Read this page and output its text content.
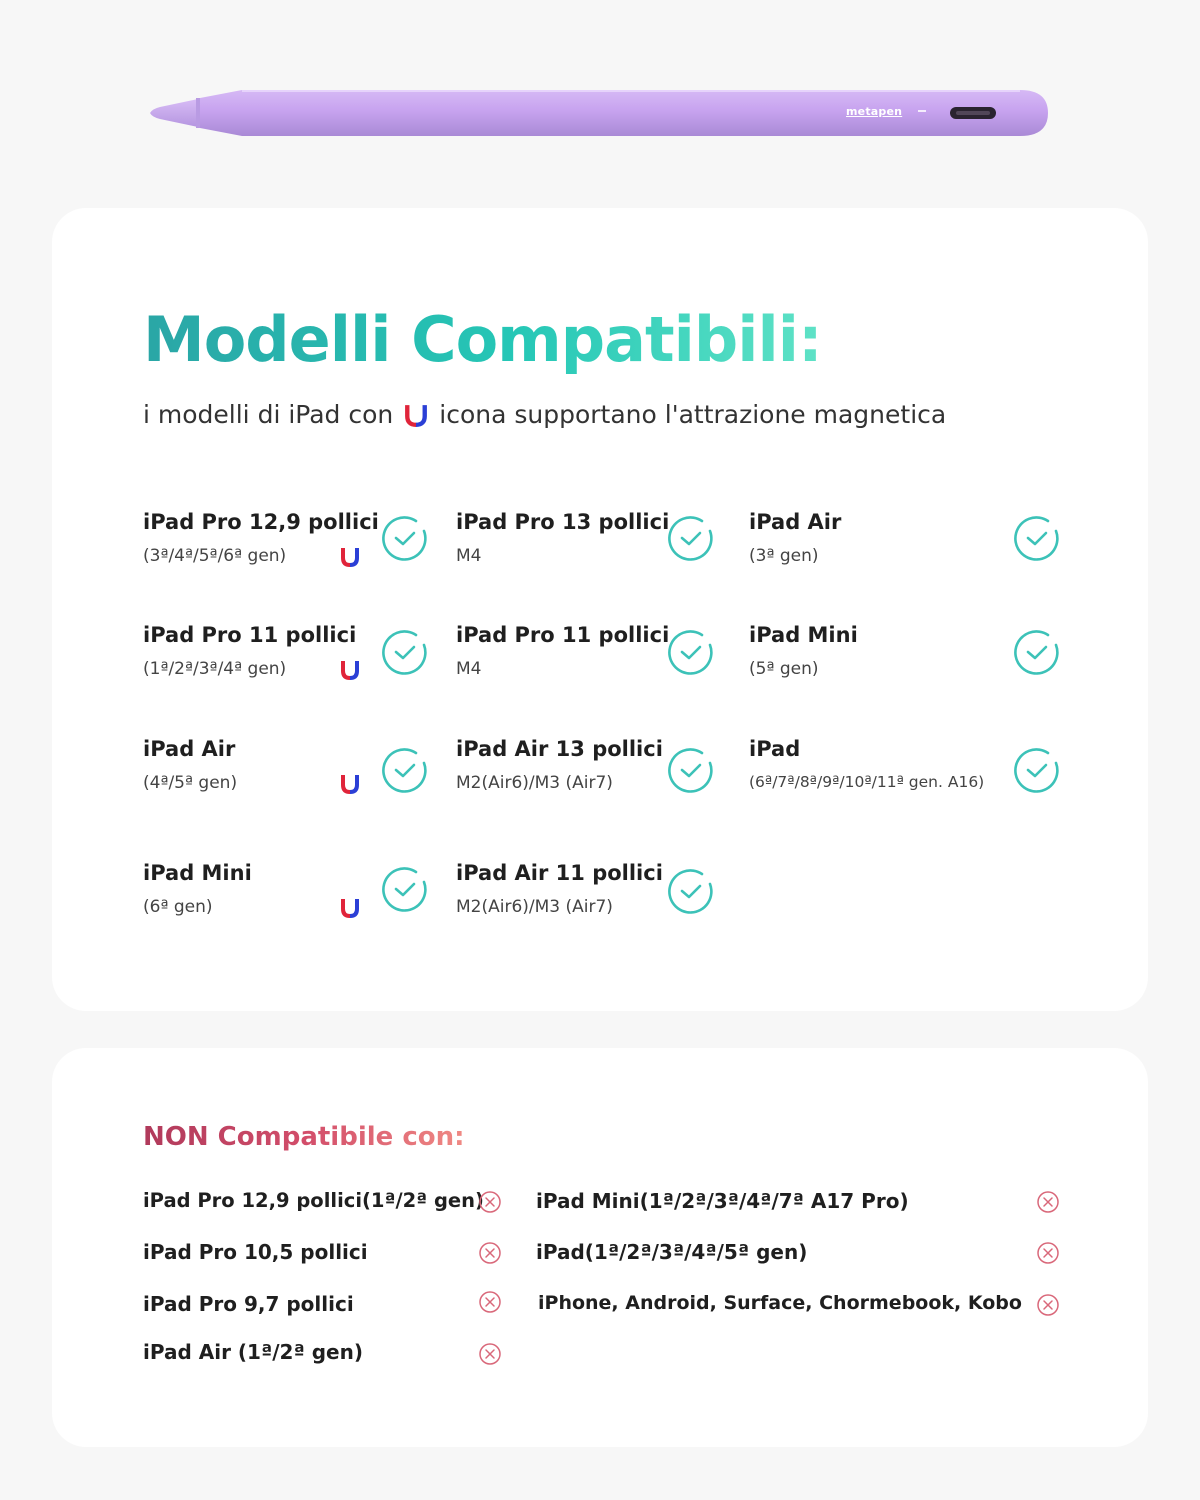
metapen
Modelli Compatibili:
i modelli di iPad con icona supportano l'attrazione magnetica
iPad Pro 12,9 pollici
(3ª/4ª/5ª/6ª gen)
iPad Pro 11 pollici
(1ª/2ª/3ª/4ª gen)
iPad Air
(4ª/5ª gen)
iPad Mini
(6ª gen)
iPad Pro 13 pollici
M4
iPad Pro 11 pollici
M4
iPad Air 13 pollici
M2(Air6)/M3 (Air7)
iPad Air 11 pollici
M2(Air6)/M3 (Air7)
iPad Air
(3ª gen)
iPad Mini
(5ª gen)
iPad
(6ª/7ª/8ª/9ª/10ª/11ª gen. A16)
NON Compatibile con:
iPad Pro 12,9 pollici(1ª/2ª gen)
iPad Pro 10,5 pollici
iPad Pro 9,7 pollici
iPad Air (1ª/2ª gen)
iPad Mini(1ª/2ª/3ª/4ª/7ª A17 Pro)
iPad(1ª/2ª/3ª/4ª/5ª gen)
iPhone, Android, Surface, Chormebook, Kobo
